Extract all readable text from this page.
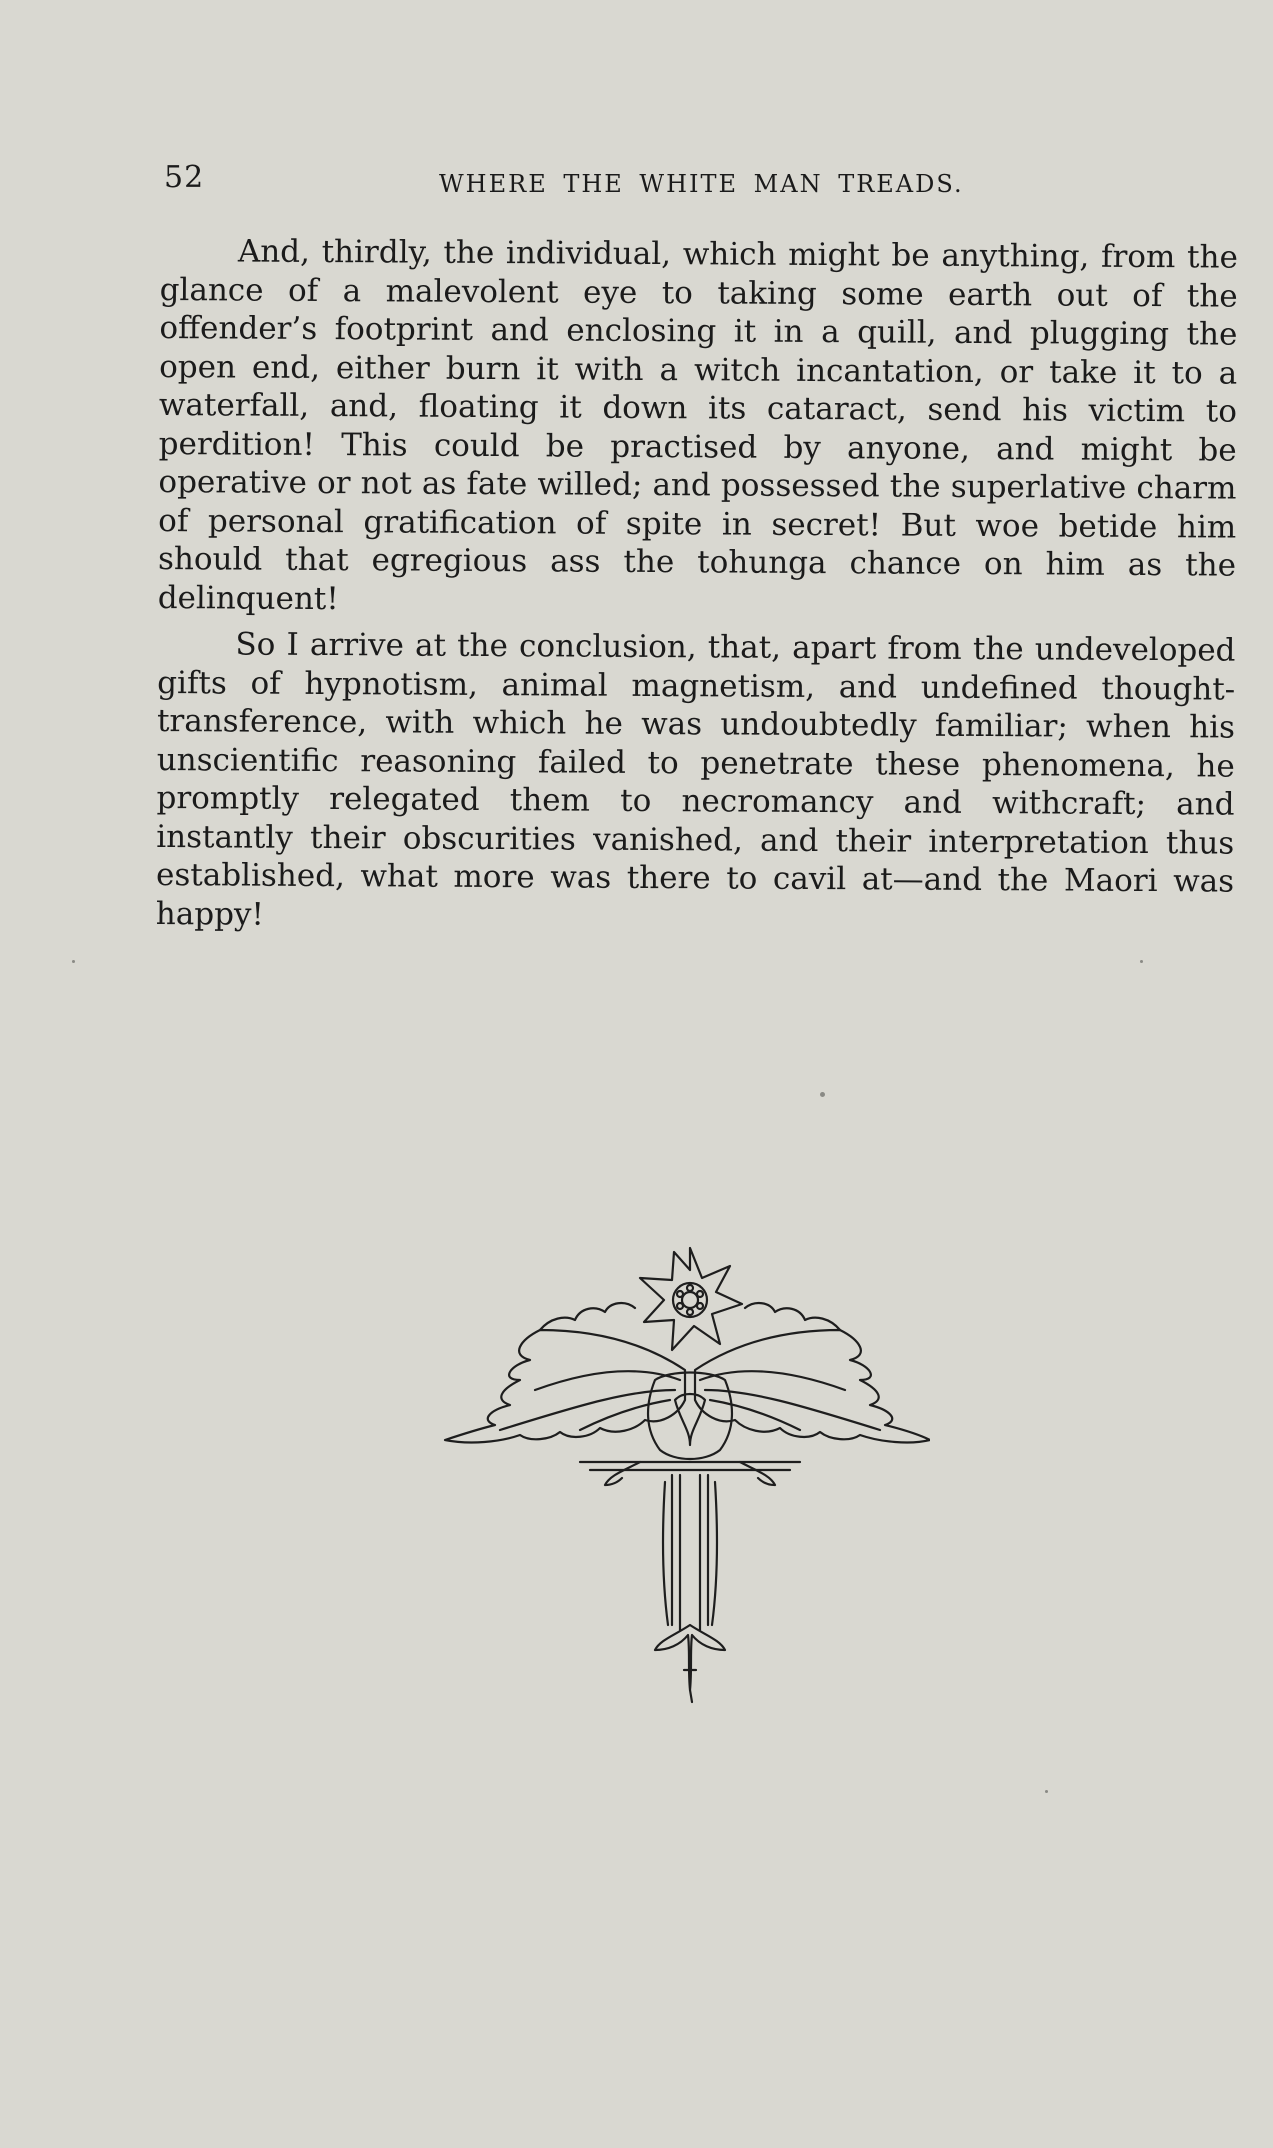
52	WHERE THE WHITE MAN TREADS.

And, thirdly, the individual, which might be anything, from the glance of a malevolent eye to taking some earth out of the offender’s footprint and enclosing it in a quill, and plugging the open end, either burn it with a witch incantation, or take it to a waterfall, and, floating it down its cataract, send his victim to perdition! This could be practised by anyone, and might be operative or not as fate willed; and possessed the superlative charm of personal gratification of spite in secret! But woe betide him should that egregious ass the tohunga chance on him as the delinquent!

So I arrive at the conclusion, that, apart from the undeveloped gifts of hypnotism, animal magnetism, and undefined thought-transference, with which he was undoubtedly familiar; when his unscientific reasoning failed to penetrate these phenomena, he promptly relegated them to necromancy and withcraft; and instantly their obscurities vanished, and their interpretation thus established, what more was there to cavil at—and the Maori was happy!
